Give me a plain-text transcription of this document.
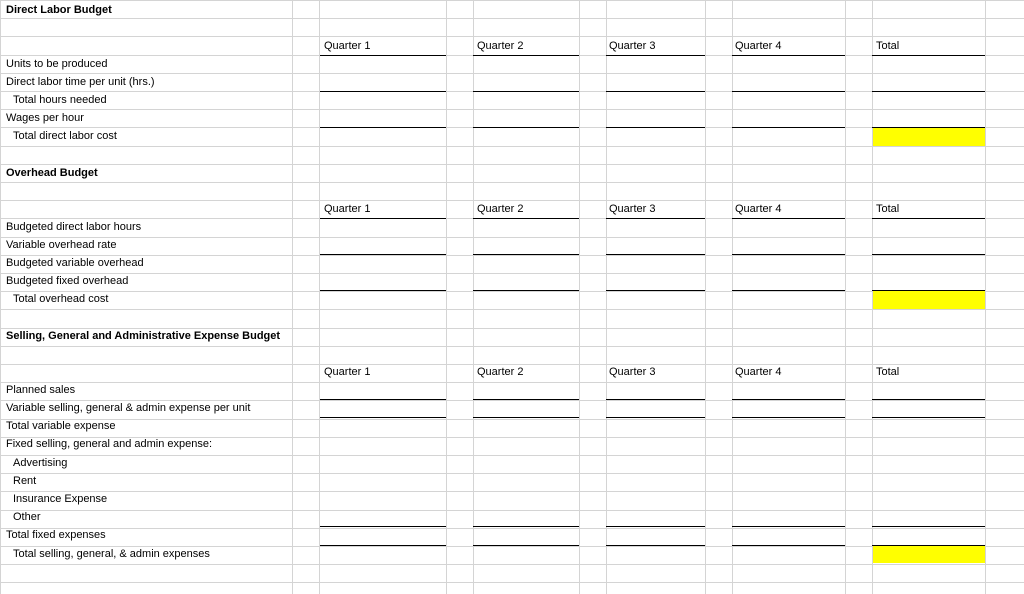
Direct Labor Budget
Quarter 1	Quarter 2	Quarter 3	Quarter 4	Total
Units to be produced
Direct labor time per unit (hrs.)
Total hours needed
Wages per hour
Total direct labor cost
Overhead Budget
Quarter 1	Quarter 2	Quarter 3	Quarter 4	Total
Budgeted direct labor hours
Variable overhead rate
Budgeted variable overhead
Budgeted fixed overhead
Total overhead cost
Selling, General and Administrative Expense Budget
Quarter 1	Quarter 2	Quarter 3	Quarter 4	Total
Planned sales
Variable selling, general & admin expense per unit
Total variable expense
Fixed selling, general and admin expense:
Advertising
Rent
Insurance Expense
Other
Total fixed expenses
Total selling, general, & admin expenses
